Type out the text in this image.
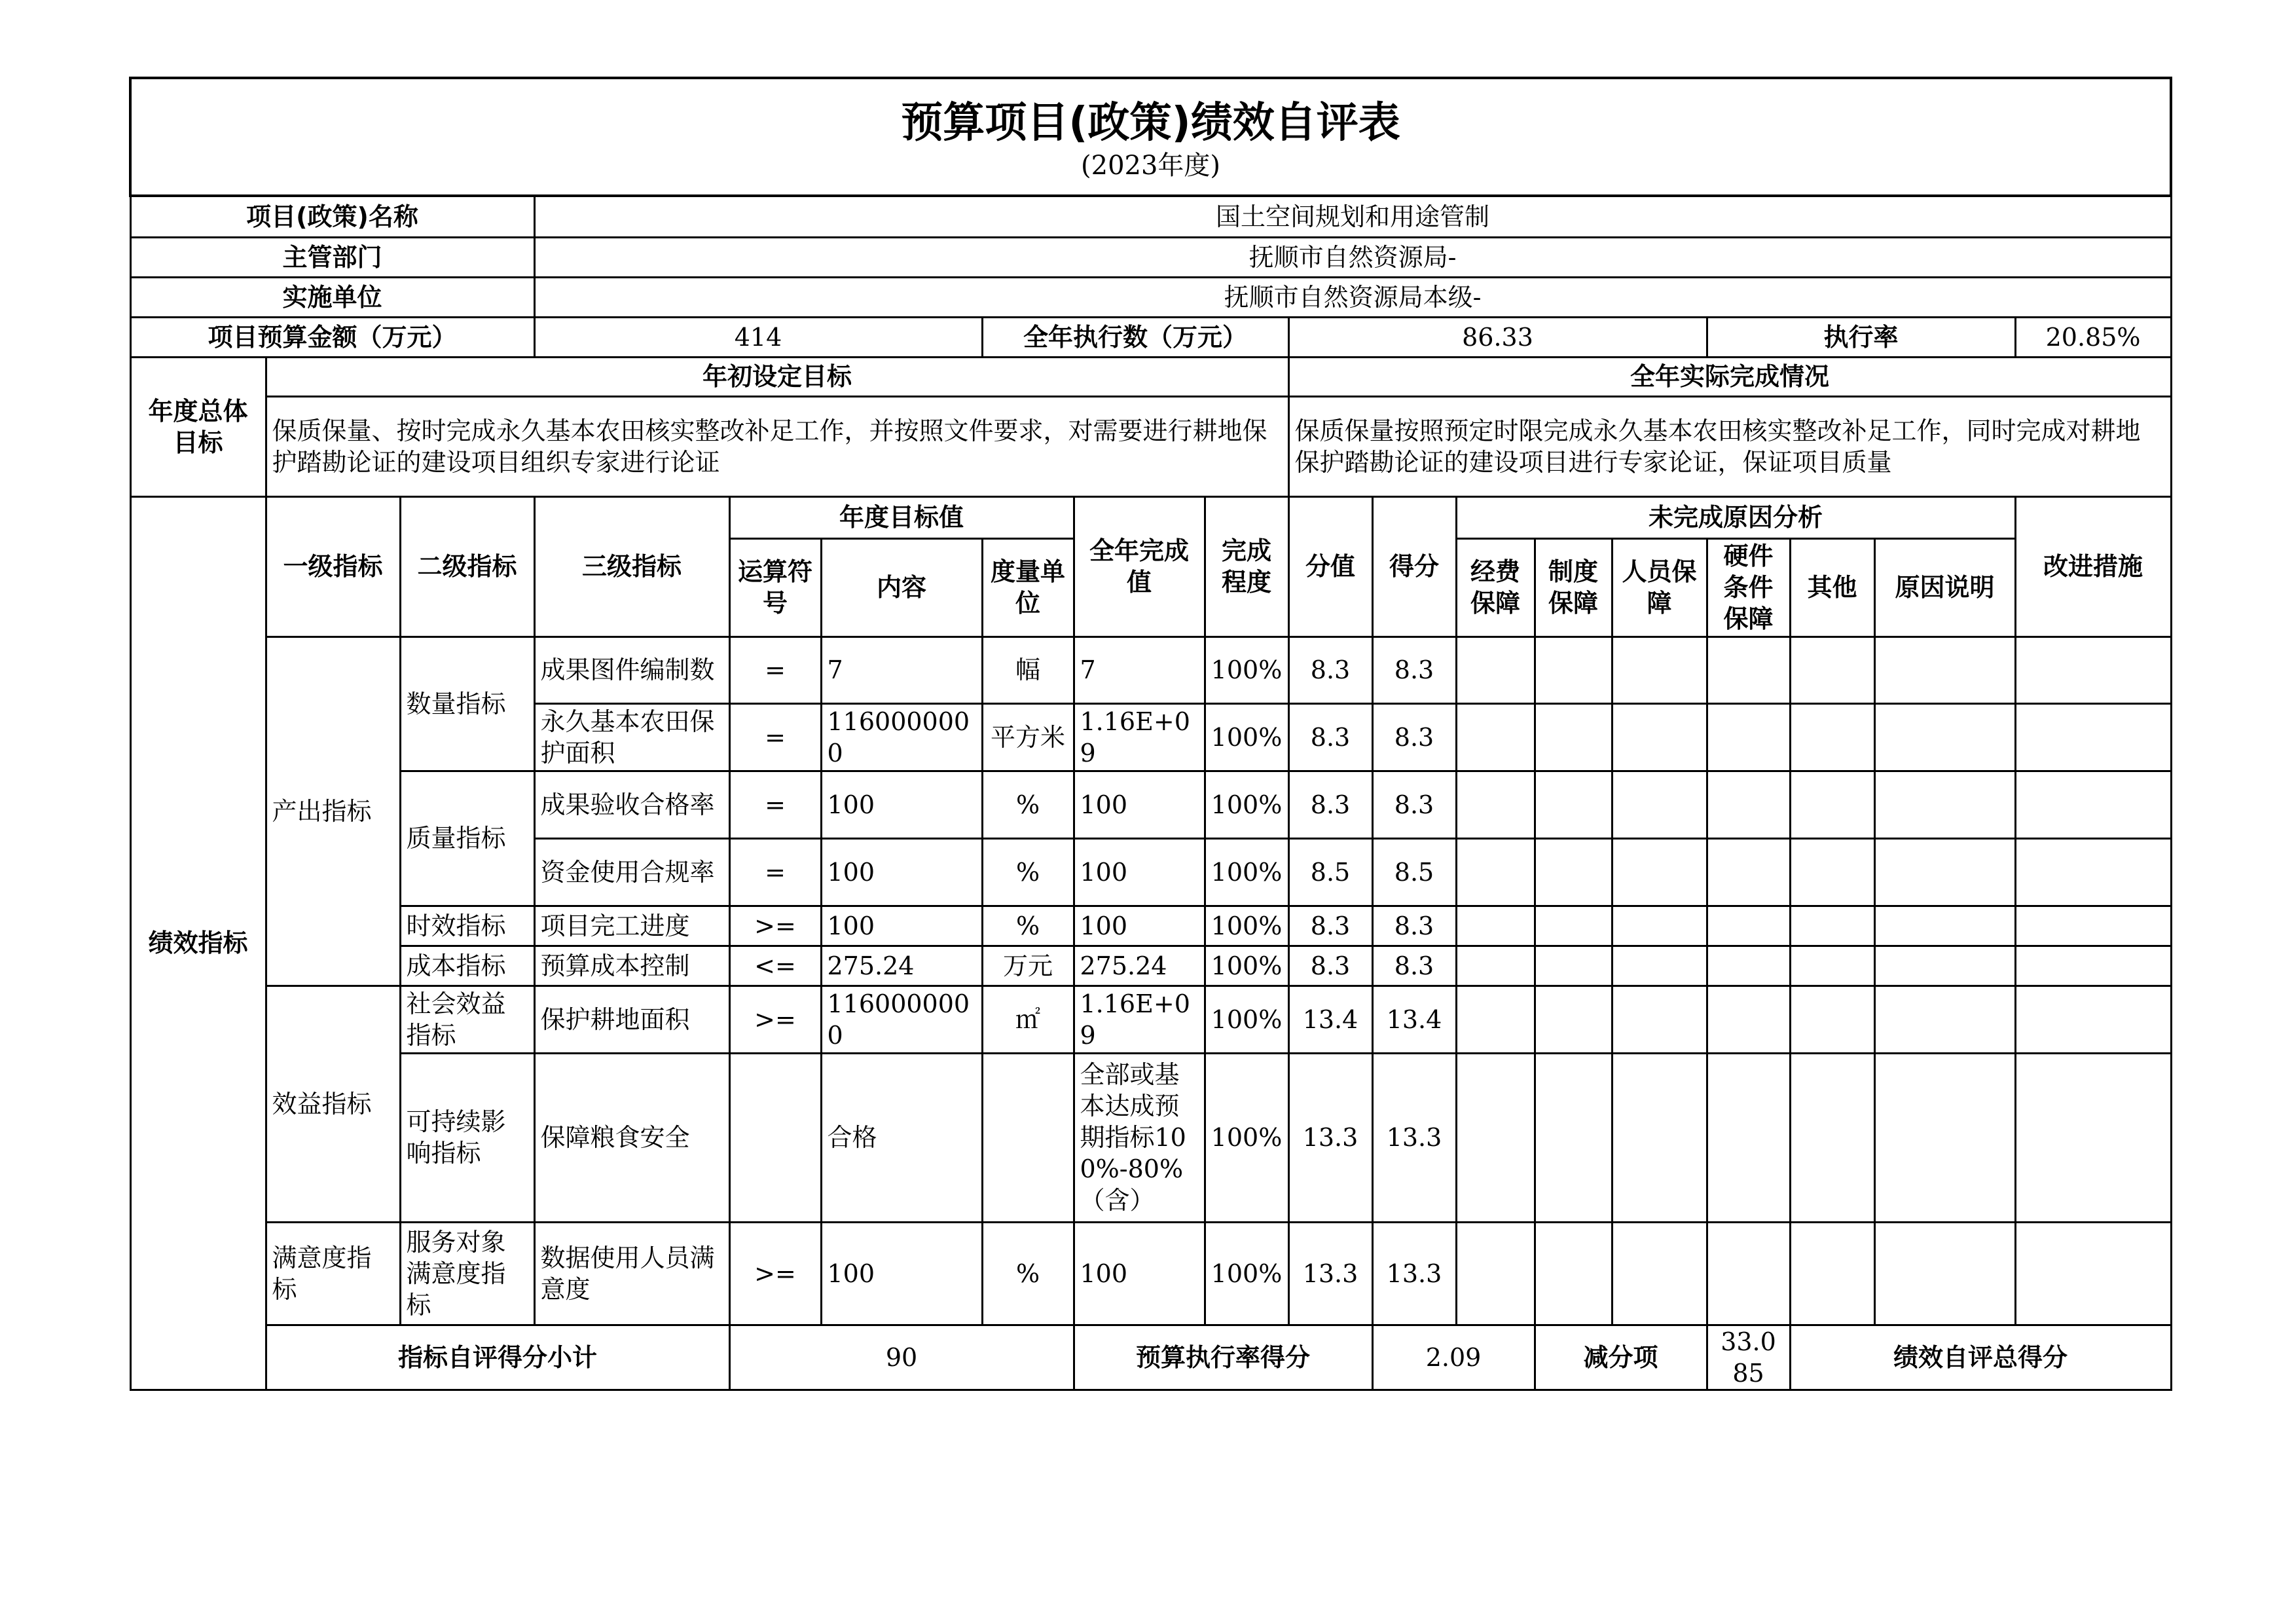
预算项目(政策)绩效自评表
(2023年度)																		

项目(政策)名称			国土空间规划和用途管制															
主管部门			抚顺市自然资源局-															
实施单位			抚顺市自然资源局本级-															
项目预算金额（万元）			414			全年执行数（万元）			86.33					执行率			20.85%	
年度总体目标	年初设定目标								全年实际完成情况									
	保质保量、按时完成永久基本农田核实整改补足工作，并按照文件要求，对需要进行耕地保护踏勘论证的建设项目组织专家进行论证								保质保量按照预定时限完成永久基本农田核实整改补足工作，同时完成对耕地保护踏勘论证的建设项目进行专家论证，保证项目质量									
绩效指标	一级指标	二级指标	三级指标	年度目标值			全年完成值	完成程度	分值	得分	未完成原因分析						改进措施	
				运算符号	内容	度量单位					经费保障	制度保障	人员保障	硬件条件保障	其他	原因说明		
	产出指标	数量指标	成果图件编制数	=	7	幅	7	100%	8.3	8.3								
			永久基本农田保护面积	=	1160000000	平方米	1.16E+09	100%	8.3	8.3								
		质量指标	成果验收合格率	=	100	%	100	100%	8.3	8.3								
			资金使用合规率	=	100	%	100	100%	8.5	8.5								
		时效指标	项目完工进度	>=	100	%	100	100%	8.3	8.3								
		成本指标	预算成本控制	<=	275.24	万元	275.24	100%	8.3	8.3								
	效益指标	社会效益指标	保护耕地面积	>=	1160000000	㎡	1.16E+09	100%	13.4	13.4								
		可持续影响指标	保障粮食安全		合格		全部或基本达成预期指标100%-80%（含）	100%	13.3	13.3								
	满意度指标	服务对象满意度指标	数据使用人员满意度	>=	100	%	100	100%	13.3	13.3								
	指标自评得分小计			90			预算执行率得分			2.09		减分项		33.085	绩效自评总得分	
